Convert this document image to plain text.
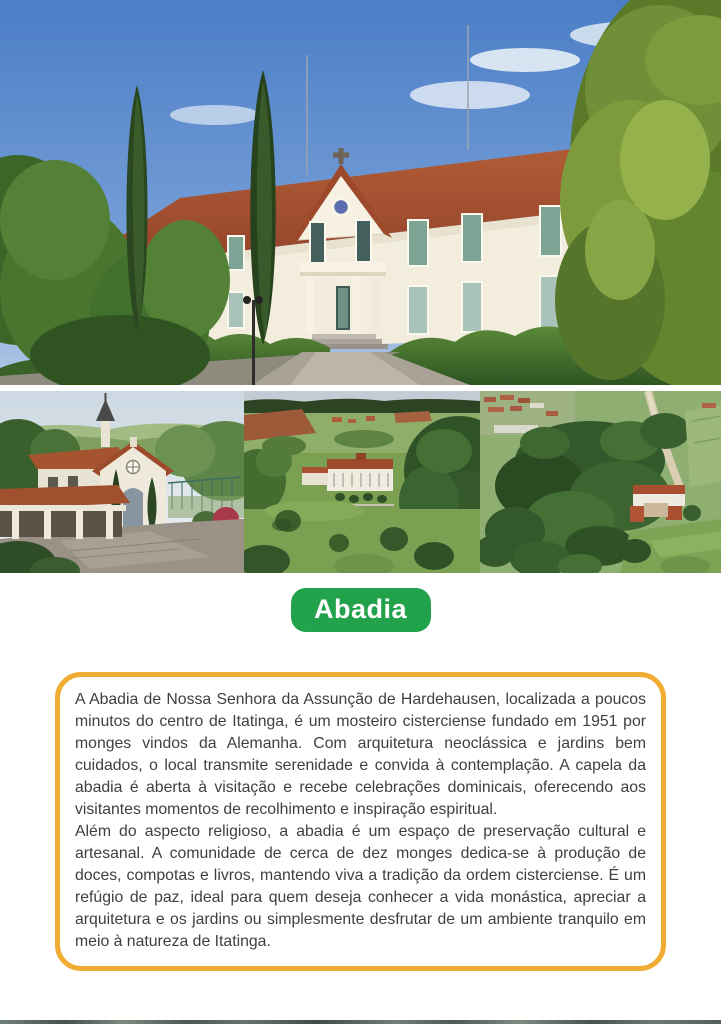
Abadia

A Abadia de Nossa Senhora da Assunção de Hardehausen, localizada a poucos minutos do centro de Itatinga, é um mosteiro cisterciense fundado em 1951 por monges vindos da Alemanha. Com arquitetura neoclássica e jardins bem cuidados, o local transmite serenidade e convida à contemplação. A capela da abadia é aberta à visitação e recebe celebrações dominicais, oferecendo aos visitantes momentos de recolhimento e inspiração espiritual.

Além do aspecto religioso, a abadia é um espaço de preservação cultural e artesanal. A comunidade de cerca de dez monges dedica-se à produção de doces, compotas e livros, mantendo viva a tradição da ordem cisterciense. É um refúgio de paz, ideal para quem deseja conhecer a vida monástica, apreciar a arquitetura e os jardins ou simplesmente desfrutar de um ambiente tranquilo em meio à natureza de Itatinga.
